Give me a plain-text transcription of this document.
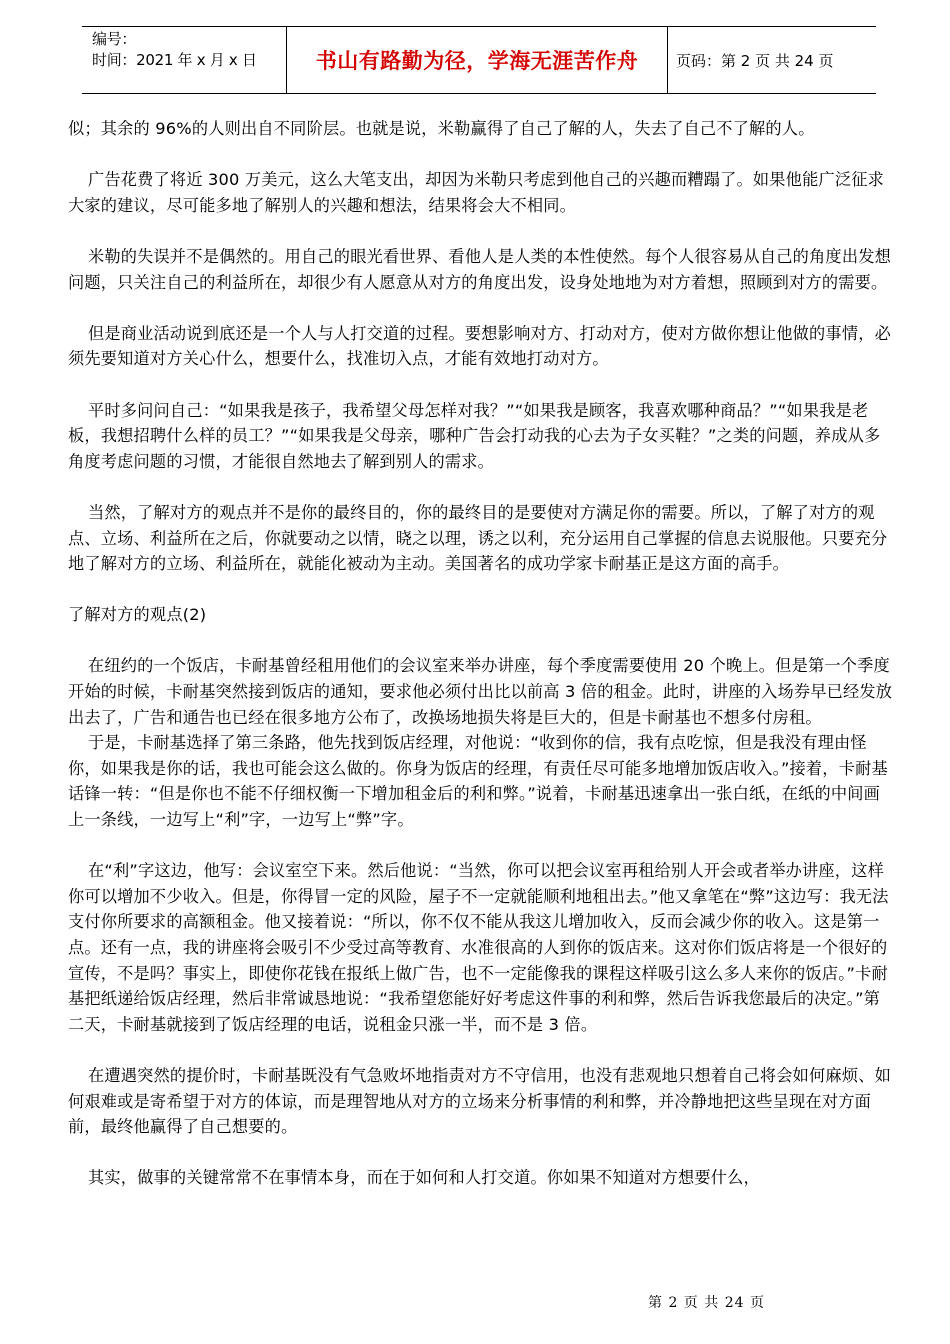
编号：
时间：2021 年 x 月 x 日	书山有路勤为径，学海无涯苦作舟	页码：第 2 页 共 24 页

似；其余的 96%的人则出自不同阶层。也就是说，米勒赢得了自己了解的人，失去了自己不了解的人。

广告花费了将近 300 万美元，这么大笔支出，却因为米勒只考虑到他自己的兴趣而糟蹋了。如果他能广泛征求大家的建议，尽可能多地了解别人的兴趣和想法，结果将会大不相同。

米勒的失误并不是偶然的。用自己的眼光看世界、看他人是人类的本性使然。每个人很容易从自己的角度出发想问题，只关注自己的利益所在，却很少有人愿意从对方的角度出发，设身处地地为对方着想，照顾到对方的需要。

但是商业活动说到底还是一个人与人打交道的过程。要想影响对方、打动对方，使对方做你想让他做的事情，必须先要知道对方关心什么，想要什么，找准切入点，才能有效地打动对方。

平时多问问自己：“如果我是孩子，我希望父母怎样对我？”“如果我是顾客，我喜欢哪种商品？”“如果我是老板，我想招聘什么样的员工？”“如果我是父母亲，哪种广告会打动我的心去为子女买鞋？”之类的问题，养成从多角度考虑问题的习惯，才能很自然地去了解到别人的需求。

当然，了解对方的观点并不是你的最终目的，你的最终目的是要使对方满足你的需要。所以，了解了对方的观点、立场、利益所在之后，你就要动之以情，晓之以理，诱之以利，充分运用自己掌握的信息去说服他。只要充分地了解对方的立场、利益所在，就能化被动为主动。美国著名的成功学家卡耐基正是这方面的高手。

了解对方的观点(2)

在纽约的一个饭店，卡耐基曾经租用他们的会议室来举办讲座，每个季度需要使用 20 个晚上。但是第一个季度开始的时候，卡耐基突然接到饭店的通知，要求他必须付出比以前高 3 倍的租金。此时，讲座的入场券早已经发放出去了，广告和通告也已经在很多地方公布了，改换场地损失将是巨大的，但是卡耐基也不想多付房租。

于是，卡耐基选择了第三条路，他先找到饭店经理，对他说：“收到你的信，我有点吃惊，但是我没有理由怪你，如果我是你的话，我也可能会这么做的。你身为饭店的经理，有责任尽可能多地增加饭店收入。”接着，卡耐基话锋一转：“但是你也不能不仔细权衡一下增加租金后的利和弊。”说着，卡耐基迅速拿出一张白纸，在纸的中间画上一条线，一边写上“利”字，一边写上“弊”字。

在“利”字这边，他写：会议室空下来。然后他说：“当然，你可以把会议室再租给别人开会或者举办讲座，这样你可以增加不少收入。但是，你得冒一定的风险，屋子不一定就能顺利地租出去。”他又拿笔在“弊”这边写：我无法支付你所要求的高额租金。他又接着说：“所以，你不仅不能从我这儿增加收入，反而会减少你的收入。这是第一点。还有一点，我的讲座将会吸引不少受过高等教育、水准很高的人到你的饭店来。这对你们饭店将是一个很好的宣传，不是吗？事实上，即使你花钱在报纸上做广告，也不一定能像我的课程这样吸引这么多人来你的饭店。”卡耐基把纸递给饭店经理，然后非常诚恳地说：“我希望您能好好考虑这件事的利和弊，然后告诉我您最后的决定。”第二天，卡耐基就接到了饭店经理的电话，说租金只涨一半，而不是 3 倍。

在遭遇突然的提价时，卡耐基既没有气急败坏地指责对方不守信用，也没有悲观地只想着自己将会如何麻烦、如何艰难或是寄希望于对方的体谅，而是理智地从对方的立场来分析事情的利和弊，并冷静地把这些呈现在对方面前，最终他赢得了自己想要的。

其实，做事的关键常常不在事情本身，而在于如何和人打交道。你如果不知道对方想要什么，

第 2 页 共 24 页
